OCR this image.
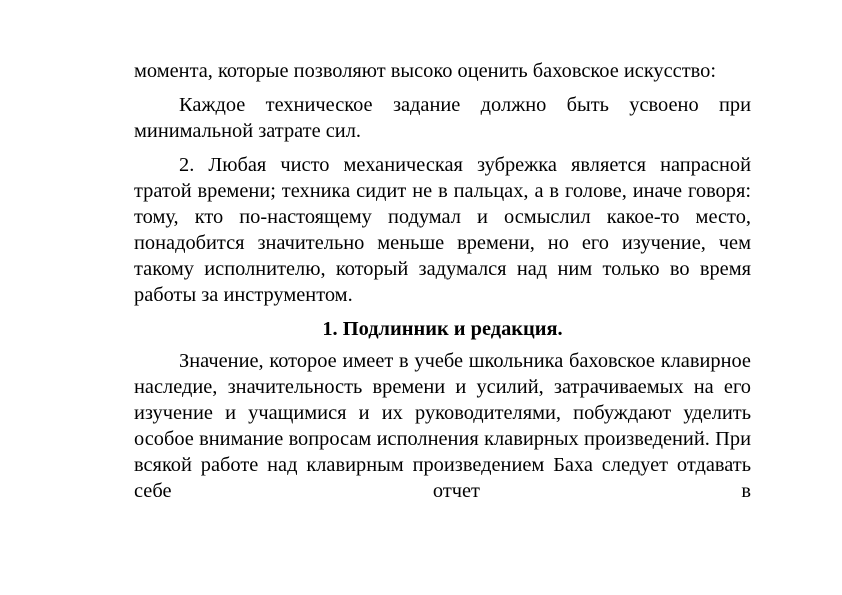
момента, которые позволяют высоко оценить баховское искусство:

Каждое техническое задание должно быть усвоено при минимальной затрате сил.

2. Любая чисто механическая зубрежка является напрасной тратой времени; техника сидит не в пальцах, а в голове, иначе говоря: тому, кто по-настоящему подумал и осмыслил какое-то место, понадобится значительно меньше времени, но его изучение, чем такому исполнителю, который задумался над ним только во время работы за инструментом.

1. Подлинник и редакция.

Значение, которое имеет в учебе школьника баховское клавирное наследие, значительность времени и усилий, затрачиваемых на его изучение и учащимися и их руководителями, побуждают уделить особое внимание вопросам исполнения клавирных произведений. При всякой работе над клавирным произведением Баха следует отдавать себе отчет в
